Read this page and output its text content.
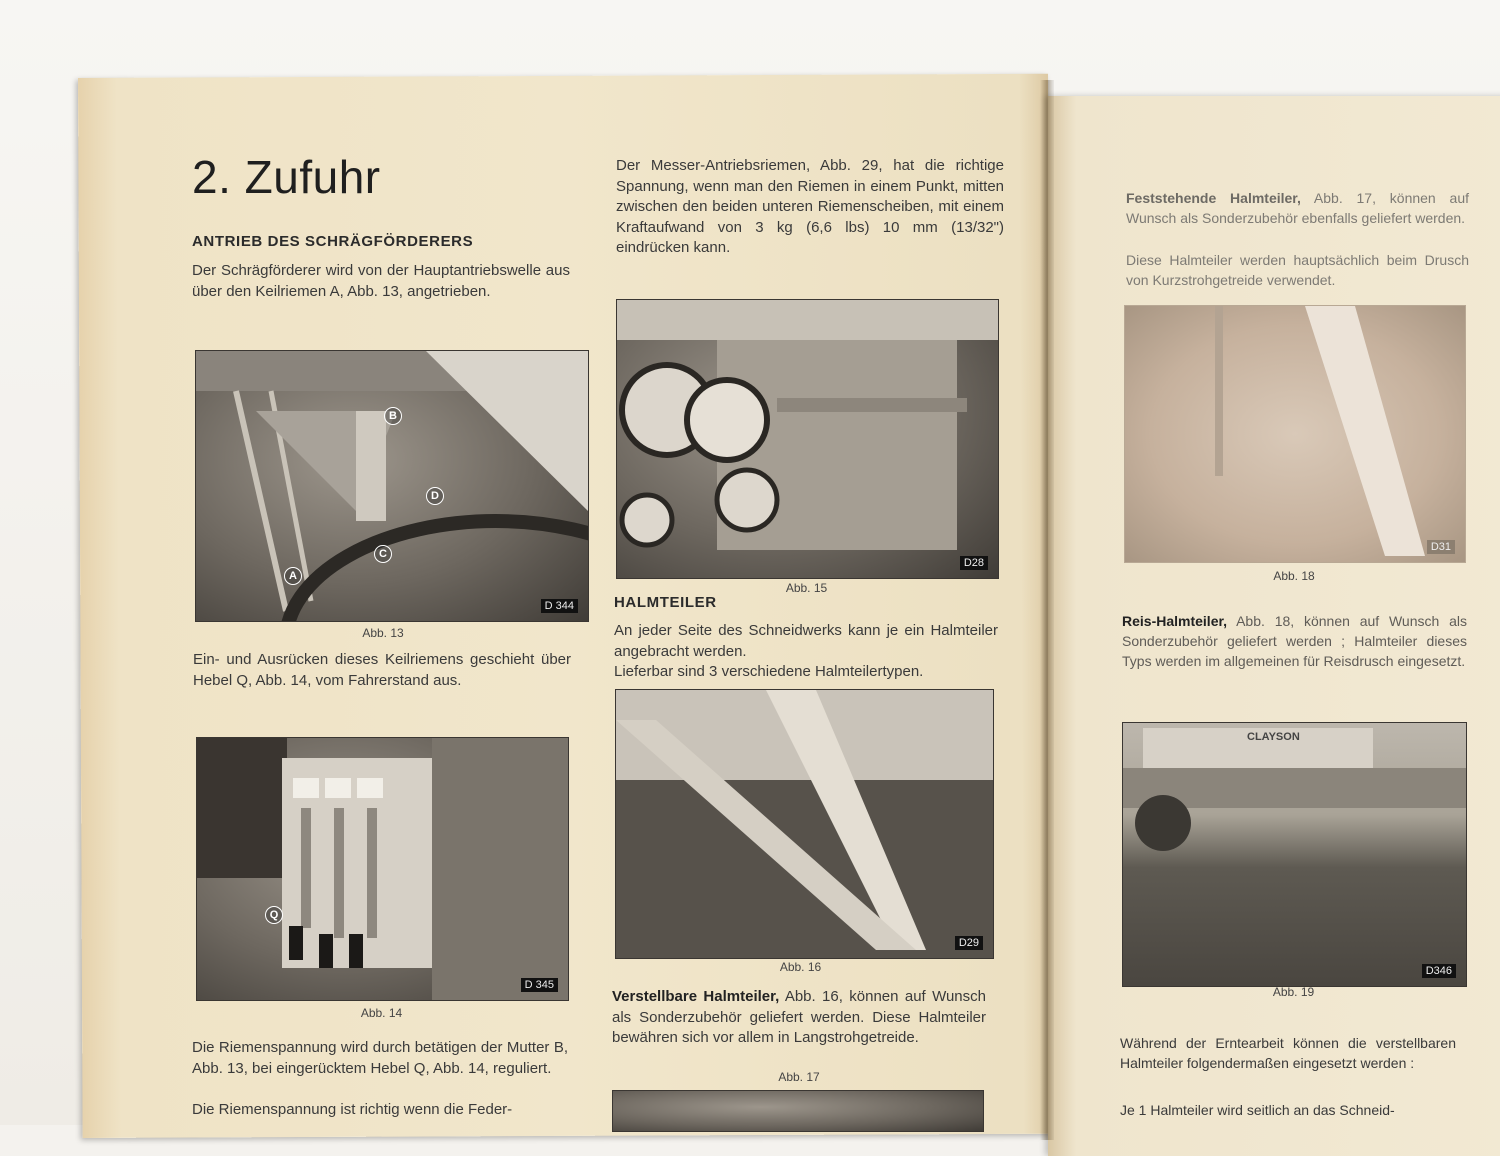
2. Zufuhr
ANTRIEB DES SCHRÄGFÖRDERERS
Der Schrägförderer wird von der Hauptantriebswelle aus über den Keilriemen A, Abb. 13, angetrieben.
A
B
C
D
D 344
Abb. 13
Ein- und Ausrücken dieses Keilriemens geschieht über Hebel Q, Abb. 14, vom Fahrerstand aus.
Q
D 345
Abb. 14
Die Riemenspannung wird durch betätigen der Mutter B, Abb. 13, bei eingerücktem Hebel Q, Abb. 14, reguliert.
Die Riemenspannung ist richtig wenn die Feder-
Der Messer-Antriebsriemen, Abb. 29, hat die richtige Spannung, wenn man den Riemen in einem Punkt, mitten zwischen den beiden unteren Riemenscheiben, mit einem Kraftaufwand von 3 kg (6,6 lbs) 10 mm (13/32") eindrücken kann.
D28
Abb. 15
HALMTEILER
An jeder Seite des Schneidwerks kann je ein Halmteiler angebracht werden.
Lieferbar sind 3 verschiedene Halmteilertypen.
D29
Abb. 16
Verstellbare Halmteiler, Abb. 16, können auf Wunsch als Sonderzubehör geliefert werden. Diese Halmteiler bewähren sich vor allem in Langstrohgetreide.
Abb. 17
Feststehende Halmteiler, Abb. 17, können auf Wunsch als Sonderzubehör ebenfalls geliefert werden.
Diese Halmteiler werden hauptsächlich beim Drusch von Kurzstrohgetreide verwendet.
D31
Abb. 18
Reis-Halmteiler, Abb. 18, können auf Wunsch als Sonderzubehör geliefert werden ; Halmteiler dieses Typs werden im allgemeinen für Reisdrusch eingesetzt.
CLAYSON
D346
Abb. 19
Während der Erntearbeit können die verstellbaren Halmteiler folgendermaßen eingesetzt werden :
Je 1 Halmteiler wird seitlich an das Schneid-
